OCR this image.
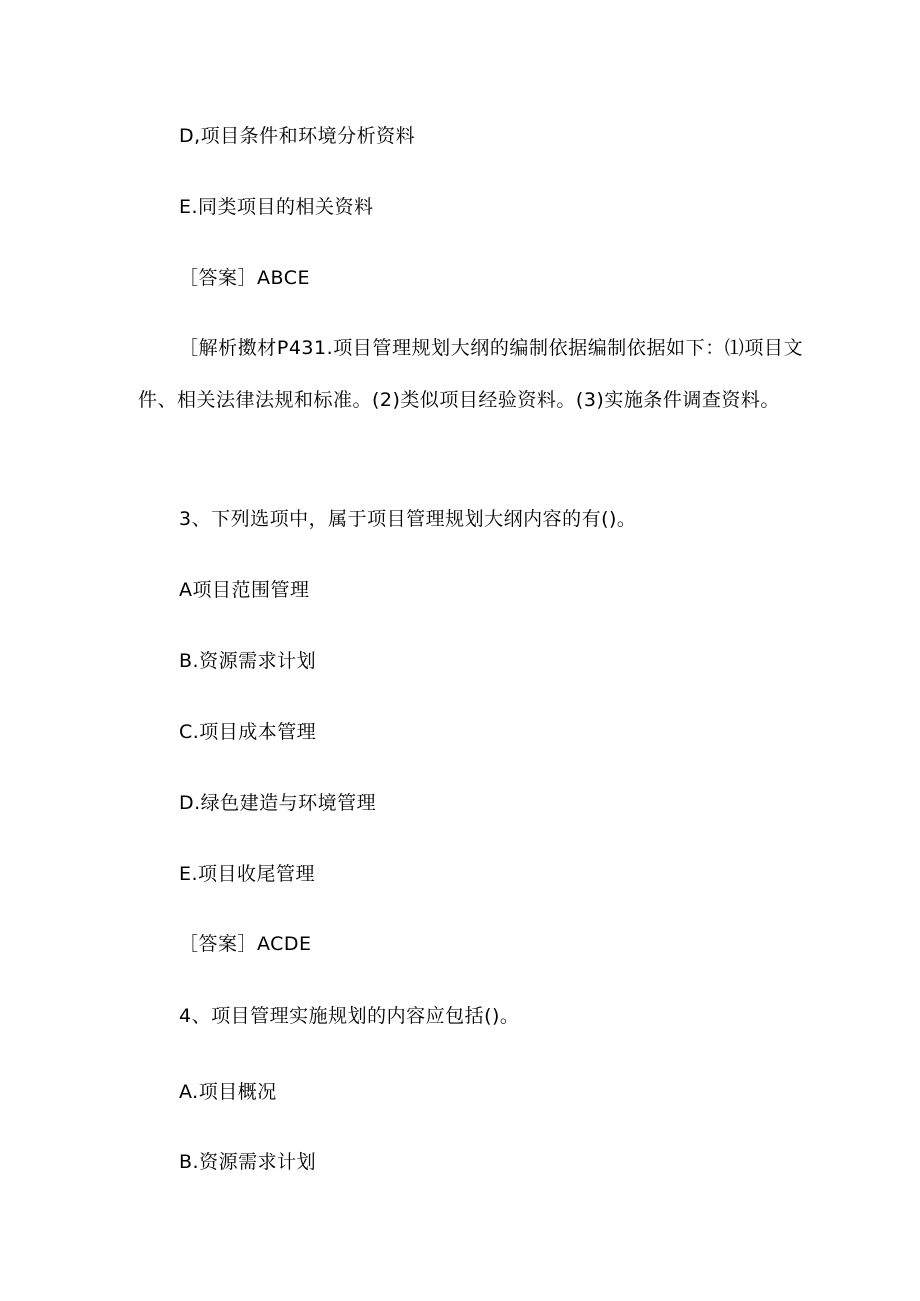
D,项目条件和环境分析资料
E.同类项目的相关资料
［答案］ABCE
［解析擞材P431.项目管理规划大纲的编制依据编制依据如下：⑴项目文件、相关法律法规和标准。(2)类似项目经验资料。(3)实施条件调查资料。
3、下列选项中，属于项目管理规划大纲内容的有()。
A项目范围管理
B.资源需求计划
C.项目成本管理
D.绿色建造与环境管理
E.项目收尾管理
［答案］ACDE
4、项目管理实施规划的内容应包括()。
A.项目概况
B.资源需求计划
